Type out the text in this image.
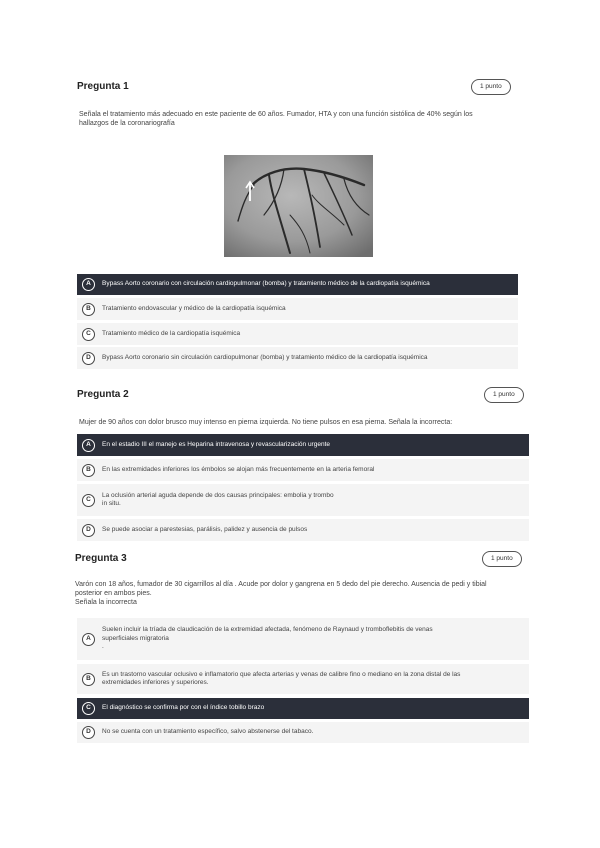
Pregunta 1	1 punto
Señala el tratamiento más adecuado en este paciente de 60 años. Fumador, HTA y con una función sistólica de 40% según los
hallazgos de la coronariografía
A	Bypass Aorto coronario con circulación cardiopulmonar (bomba) y tratamiento médico de la cardiopatía isquémica
B	Tratamiento endovascular y médico de la cardiopatía isquémica
C	Tratamiento médico de la cardiopatía isquémica
D	Bypass Aorto coronario sin circulación cardiopulmonar (bomba) y tratamiento médico de la cardiopatía isquémica
Pregunta 2	1 punto
Mujer de 90 años con dolor brusco muy intenso en pierna izquierda. No tiene pulsos en esa pierna. Señala la incorrecta:
A	En el estadio III el manejo es Heparina intravenosa y revascularización urgente
B	En las extremidades inferiores los émbolos se alojan más frecuentemente en la arteria femoral
C
La oclusión arterial aguda depende de dos causas principales: embolia y trombo
in situ.
D	Se puede asociar a parestesias, parálisis, palidez y ausencia de pulsos
Pregunta 3	1 punto
Varón con 18 años, fumador de 30 cigarrillos al día . Acude por dolor y gangrena en 5 dedo del pie derecho. Ausencia de pedi y tibial
posterior en ambos pies.
Señala la incorrecta
A
Suelen incluir la tríada de claudicación de la extremidad afectada, fenómeno de Raynaud y tromboflebitis de venas
superficiales migratoria
.
B
Es un trastorno vascular oclusivo e inflamatorio que afecta arterias y venas de calibre fino o mediano en la zona distal de las
extremidades inferiores y superiores.
C	El diagnóstico se confirma por con el índice tobillo brazo
D	No se cuenta con un tratamiento específico, salvo abstenerse del tabaco.
